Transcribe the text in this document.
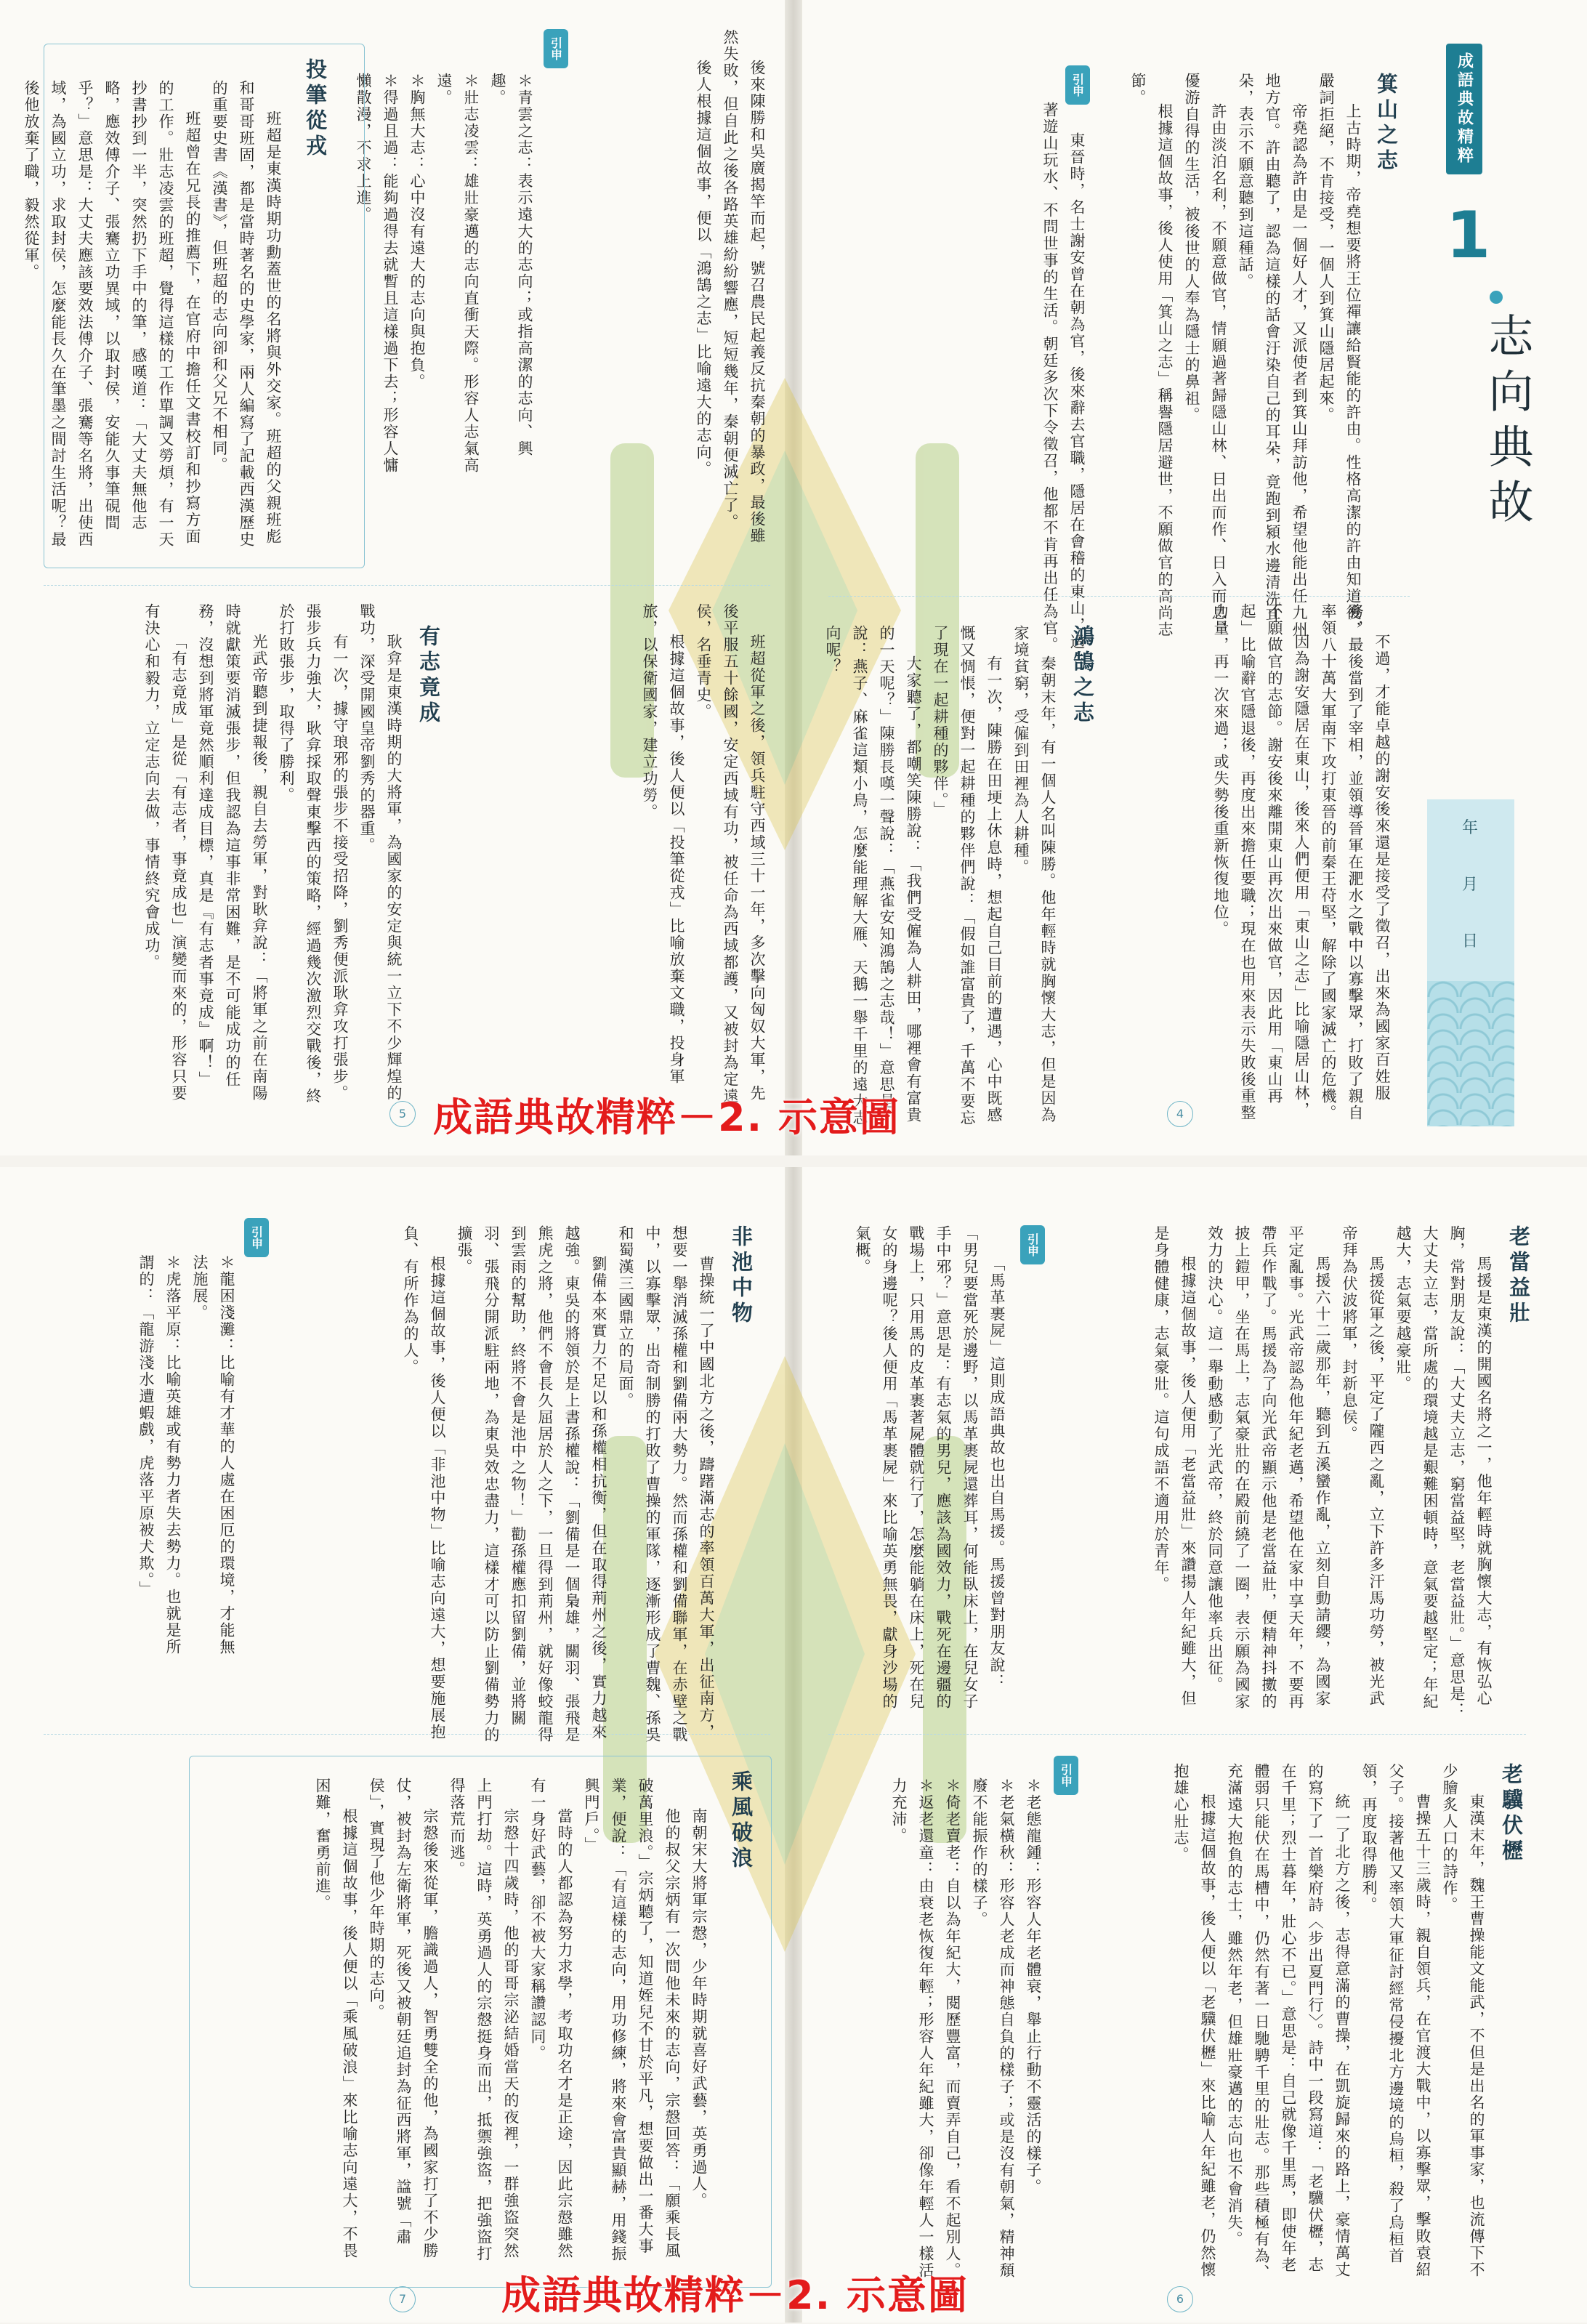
成語典故精粹
1
志向典故
年
月
日
箕山之志

上古時期，帝堯想要將王位禪讓給賢能的許由。性格高潔的許由知道後，嚴詞拒絕，不肯接受，一個人到箕山隱居起來。

帝堯認為許由是一個好人才，又派使者到箕山拜訪他，希望他能出任九州地方官。許由聽了，認為這樣的話會汙染自己的耳朵，竟跑到潁水邊清洗耳朵，表示不願意聽到這種話。

許由淡泊名利，不願意做官，情願過著歸隱山林、日出而作、日入而息、優游自得的生活，被後世的人奉為隱士的鼻祖。

根據這個故事，後人使用「箕山之志」稱譽隱居避世，不願做官的高尚志節。

引申

東晉時，名士謝安曾在朝為官，後來辭去官職，隱居在會稽的東山，過著遊山玩水、不問世事的生活。朝廷多次下令徵召，他都不肯再出任為官。

不過，才能卓越的謝安後來還是接受了徵召，出來為國家百姓服務，最後當到了宰相，並領導晉軍在淝水之戰中以寡擊眾，打敗了親自率領八十萬大軍南下攻打東晉的前秦王苻堅，解除了國家滅亡的危機。

因為謝安隱居在東山，後來人們便用「東山之志」比喻隱居山林，不願做官的志節。謝安後來離開東山再次出來做官，因此用「東山再起」比喻辭官隱退後，再度出來擔任要職；現在也用來表示失敗後重整力量，再一次來過；或失勢後重新恢復地位。

鴻鵠之志

秦朝末年，有一個人名叫陳勝。他年輕時就胸懷大志，但是因為家境貧窮，受僱到田裡為人耕種。

有一次，陳勝在田埂上休息時，想起自己目前的遭遇，心中既感慨又惆悵，便對一起耕種的夥伴們說：「假如誰富貴了，千萬不要忘了現在一起耕種的夥伴。」

大家聽了，都嘲笑陳勝說：「我們受僱為人耕田，哪裡會有富貴的一天呢？」陳勝長嘆一聲說：「燕雀安知鴻鵠之志哉！」意思是說：燕子、麻雀這類小鳥，怎麼能理解大雁、天鵝一舉千里的遠大志向呢？

4

後來陳勝和吳廣揭竿而起，號召農民起義反抗秦朝的暴政，最後雖然失敗，但自此之後各路英雄紛紛響應，短短幾年，秦朝便滅亡了。

後人根據這個故事，便以「鴻鵠之志」比喻遠大的志向。

引申

＊青雲之志：表示遠大的志向；或指高潔的志向、興趣。

＊壯志凌雲：雄壯豪邁的志向直衝天際。形容人志氣高遠。

＊胸無大志：心中沒有遠大的志向與抱負。

＊得過且過：能夠過得去就暫且這樣過下去；形容人慵懶散漫，不求上進。

投筆從戎

班超是東漢時期功勳蓋世的名將與外交家。班超的父親班彪和哥哥班固，都是當時著名的史學家，兩人編寫了記載西漢歷史的重要史書《漢書》，但班超的志向卻和父兄不相同。

班超曾在兄長的推薦下，在官府中擔任文書校訂和抄寫方面的工作。壯志凌雲的班超，覺得這樣的工作單調又勞煩，有一天抄書抄到一半，突然扔下手中的筆，感嘆道：「大丈夫無他志略，應效傅介子、張騫立功異域，以取封侯，安能久事筆硯間乎？」意思是：大丈夫應該要效法傅介子、張騫等名將，出使西域，為國立功，求取封侯，怎麼能長久在筆墨之間討生活呢？最後他放棄了職，毅然從軍。

班超從軍之後，領兵駐守西域三十一年，多次擊向匈奴大軍，先後平服五十餘國，安定西域有功，被任命為西域都護，又被封為定遠侯，名垂青史。

根據這個故事，後人便以「投筆從戎」比喻放棄文職，投身軍旅，以保衛國家，建立功勞。

有志竟成

耿弇是東漢時期的大將軍，為國家的安定與統一立下不少輝煌的戰功，深受開國皇帝劉秀的器重。

有一次，據守琅邪的張步不接受招降，劉秀便派耿弇攻打張步。張步兵力強大，耿弇採取聲東擊西的策略，經過幾次激烈交戰後，終於打敗張步，取得了勝利。

光武帝聽到捷報後，親自去勞軍，對耿弇說：「將軍之前在南陽時就獻策要消滅張步，但我認為這事非常困難，是不可能成功的任務，沒想到將軍竟然順利達成目標，真是『有志者事竟成』啊！」

「有志竟成」是從「有志者，事竟成也」演變而來的，形容只要有決心和毅力，立定志向去做，事情終究會成功。

5 成語典故精粹－2. 示意圖
老當益壯

馬援是東漢的開國名將之一，他年輕時就胸懷大志，有恢弘心胸，常對朋友說：「大丈夫立志，窮當益堅，老當益壯。」意思是：大丈夫立志，當所處的環境越是艱難困頓時，意氣要越堅定；年紀越大，志氣要越豪壯。

馬援從軍之後，平定了隴西之亂，立下許多汗馬功勞，被光武帝拜為伏波將軍，封新息侯。

馬援六十二歲那年，聽到五溪蠻作亂，立刻自動請纓，為國家平定亂事。光武帝認為他年紀老邁，希望他在家中享天年，不要再帶兵作戰了。馬援為了向光武帝顯示他是老當益壯，便精神抖擻的披上鎧甲，坐在馬上，志氣豪壯的在殿前繞了一圈，表示願為國家效力的決心。這一舉動感動了光武帝，終於同意讓他率兵出征。

根據這個故事，後人便用「老當益壯」來讚揚人年紀雖大，但是身體健康，志氣豪壯。這句成語不適用於青年。

引申

「馬革裹屍」這則成語典故也出自馬援。馬援曾對朋友說：「男兒要當死於邊野，以馬革裹屍還葬耳，何能臥床上，在兒女子手中邪？」意思是：有志氣的男兒，應該為國效力，戰死在邊疆的戰場上，只用馬的皮革裹著屍體就行了，怎麼能躺在床上，死在兒女的身邊呢？後人便用「馬革裹屍」來比喻英勇無畏，獻身沙場的氣概。

老驥伏櫪

東漢末年，魏王曹操能文能武，不但是出名的軍事家，也流傳下不少膾炙人口的詩作。

曹操五十三歲時，親自領兵，在官渡大戰中，以寡擊眾，擊敗袁紹父子。接著他又率領大軍征討經常侵擾北方邊境的烏桓，殺了烏桓首領，再度取得勝利。

統一了北方之後，志得意滿的曹操，在凱旋歸來的路上，豪情萬丈的寫下了一首樂府詩〈步出夏門行〉。詩中一段寫道：「老驥伏櫪，志在千里；烈士暮年，壯心不已。」意思是：自己就像千里馬，即使年老體弱只能伏在馬槽中，仍然有著一日馳騁千里的壯志。那些積極有為、充滿遠大抱負的志士，雖然年老，但雄壯豪邁的志向也不會消失。

根據這個故事，後人便以「老驥伏櫪」來比喻人年紀雖老，仍然懷抱雄心壯志。

引申

＊老態龍鍾：形容人年老體衰，舉止行動不靈活的樣子。

＊老氣橫秋：形容人老成而神態自負的樣子；或是沒有朝氣，精神頹廢不能振作的樣子。

＊倚老賣老：自以為年紀大，閱歷豐富，而賣弄自己，看不起別人。

＊返老還童：由衰老恢復年輕；形容人年紀雖大，卻像年輕人一樣活力充沛。

6
非池中物

曹操統一了中國北方之後，躊躇滿志的率領百萬大軍，出征南方，想要一舉消滅孫權和劉備兩大勢力。然而孫權和劉備聯軍，在赤壁之戰中，以寡擊眾，出奇制勝的打敗了曹操的軍隊，逐漸形成了曹魏、孫吳和蜀漢三國鼎立的局面。

劉備本來實力不足以和孫權相抗衡，但在取得荊州之後，實力越來越強。東吳的將領於是上書孫權說：「劉備是一個梟雄，關羽、張飛是熊虎之將，他們不會長久屈居於人之下，一旦得到荊州，就好像蛟龍得到雲雨的幫助，終將不會是池中之物！」勸孫權應扣留劉備，並將關羽、張飛分開派駐兩地，為東吳效忠盡力，這樣才可以防止劉備勢力的擴張。

根據這個故事，後人便以「非池中物」比喻志向遠大，想要施展抱負、有所作為的人。

引申

＊龍困淺灘：比喻有才華的人處在困厄的環境，才能無法施展。

＊虎落平原：比喻英雄或有勢力者失去勢力。也就是所謂的：「龍游淺水遭蝦戲，虎落平原被犬欺。」

乘風破浪

南朝宋大將軍宗慤，少年時期就喜好武藝，英勇過人。

他的叔父宗炳有一次問他未來的志向，宗慤回答：「願乘長風破萬里浪。」宗炳聽了，知道姪兒不甘於平凡，想要做出一番大事業，便說：「有這樣的志向，用功修練，將來會富貴顯赫，用錢振興門戶。」

當時的人都認為努力求學，考取功名才是正途，因此宗慤雖然有一身好武藝，卻不被大家稱讚認同。

宗慤十四歲時，他的哥哥宗泌結婚當天的夜裡，一群強盜突然上門打劫。這時，英勇過人的宗慤挺身而出，抵禦強盜，把強盜打得落荒而逃。

宗慤後來從軍，膽識過人，智勇雙全的他，為國家打了不少勝仗，被封為左衛將軍，死後又被朝廷追封為征西將軍，諡號「肅侯」，實現了他少年時期的志向。

根據這個故事，後人便以「乘風破浪」來比喻志向遠大，不畏困難，奮勇前進。

7 成語典故精粹－2. 示意圖
